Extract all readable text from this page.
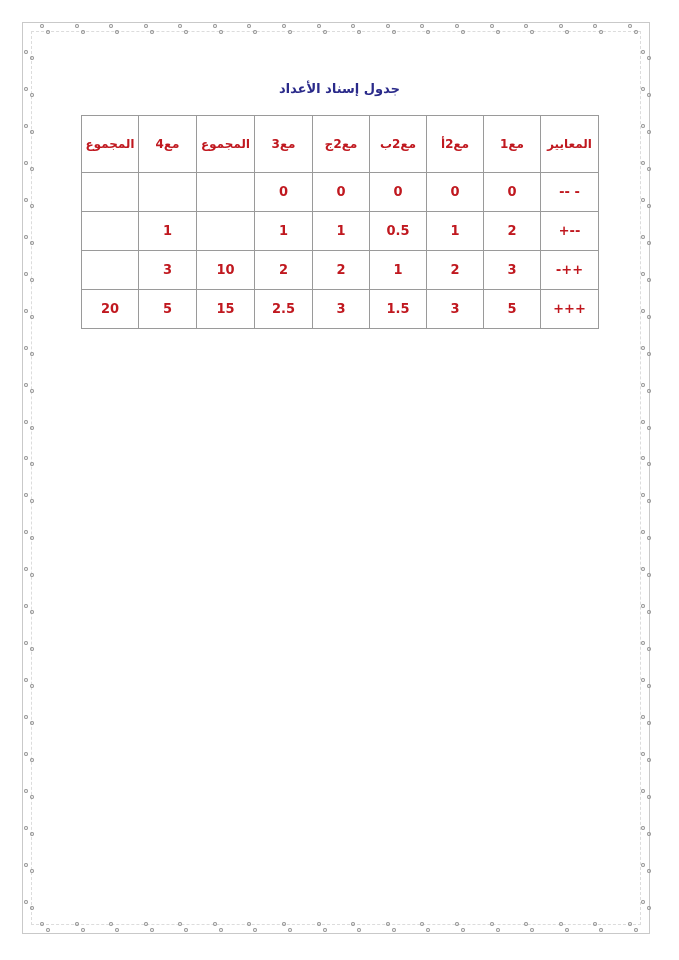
جدول إسناد الأعداد
المعايير	مع1	مع2أ	مع2ب	مع2ج	مع3	المجموع	مع4	المجموع
-- -	0	0	0	0	0			
+--	2	1	0.5	1	1		1	
-++	3	2	1	2	2	10	3	
+++	5	3	1.5	3	2.5	15	5	20
